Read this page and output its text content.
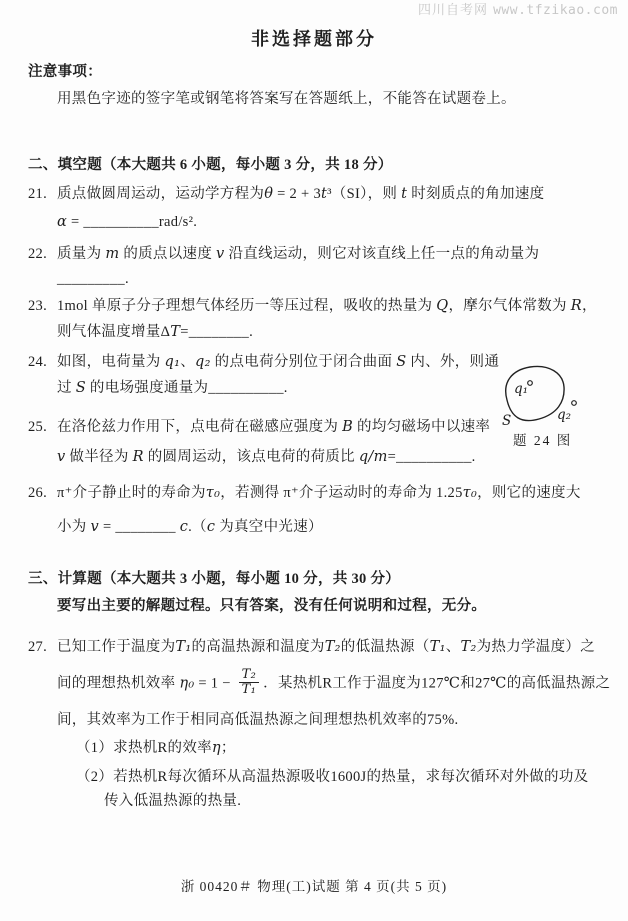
四川自考网 www.tfzikao.com
非选择题部分
注意事项：
用黑色字迹的签字笔或钢笔将答案写在答题纸上，不能答在试题卷上。
二、填空题（本大题共 6 小题，每小题 3 分，共 18 分）
21. 质点做圆周运动，运动学方程为θ = 2 + 3t³（SI），则 t 时刻质点的角加速度
α = __________rad/s².
22. 质量为 m 的质点以速度 v 沿直线运动，则它对该直线上任一点的角动量为
_________.
23. 1mol 单原子分子理想气体经历一等压过程，吸收的热量为 Q，摩尔气体常数为 R，
则气体温度增量ΔT=________.
24. 如图，电荷量为 q₁、q₂ 的点电荷分别位于闭合曲面 S 内、外，则通
过 S 的电场强度通量为__________.
25. 在洛伦兹力作用下，点电荷在磁感应强度为 B 的均匀磁场中以速率
v 做半径为 R 的圆周运动，该点电荷的荷质比 q/m=__________.
q₁
q₂
S
题 24 图
26. π⁺介子静止时的寿命为τ₀，若测得 π⁺介子运动时的寿命为 1.25τ₀，则它的速度大
小为 v = ________ c.（c 为真空中光速）
三、计算题（本大题共 3 小题，每小题 10 分，共 30 分）
要写出主要的解题过程。只有答案，没有任何说明和过程，无分。
27. 已知工作于温度为T₁的高温热源和温度为T₂的低温热源（T₁、T₂为热力学温度）之
间的理想热机效率 $\eta_0 = 1 - \frac{\text{T₂}}{\text{T₁}}$ ．某热机R工作于温度为127℃和27℃的高低温热源之
间，其效率为工作于相同高低温热源之间理想热机效率的75%.
（1）求热机R的效率η；
（2）若热机R每次循环从高温热源吸收1600J的热量，求每次循环对外做的功及
传入低温热源的热量.
浙 00420＃ 物理(工)试题 第 4 页(共 5 页)
